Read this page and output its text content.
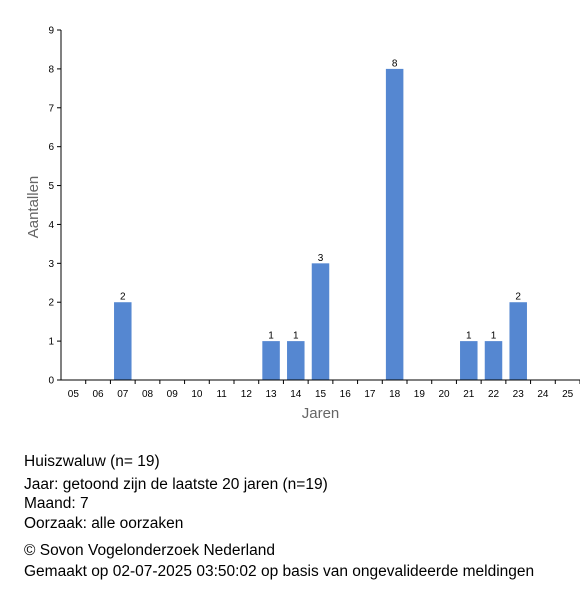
0
1
2
3
4
5
6
7
8
9
05 06 07 08 09 10 11 12 13 14 15 16 17 18 19 20 21 22 23 24 25
2
1 1
3
8
1 1
2
Jaren
Aantallen
Huiszwaluw (n= 19)
Jaar: getoond zijn de laatste 20 jaren (n=19)
Maand: 7
Oorzaak: alle oorzaken
© Sovon Vogelonderzoek Nederland
Gemaakt op 02-07-2025 03:50:02 op basis van ongevalideerde meldingen
